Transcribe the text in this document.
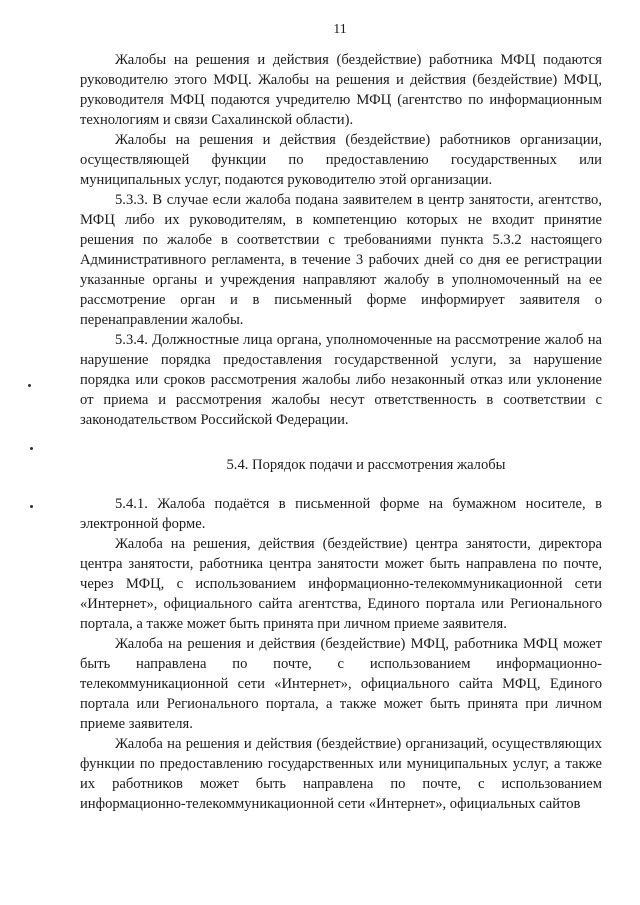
11

Жалобы на решения и действия (бездействие) работника МФЦ подаются руководителю этого МФЦ. Жалобы на решения и действия (бездействие) МФЦ, руководителя МФЦ подаются учредителю МФЦ (агентство по информационным технологиям и связи Сахалинской области).

Жалобы на решения и действия (бездействие) работников организации, осуществляющей функции по предоставлению государственных или муниципальных услуг, подаются руководителю этой организации.

5.3.3. В случае если жалоба подана заявителем в центр занятости, агентство, МФЦ либо их руководителям, в компетенцию которых не входит принятие решения по жалобе в соответствии с требованиями пункта 5.3.2 настоящего Административного регламента, в течение 3 рабочих дней со дня ее регистрации указанные органы и учреждения направляют жалобу в уполномоченный на ее рассмотрение орган и в письменный форме информирует заявителя о перенаправлении жалобы.

5.3.4. Должностные лица органа, уполномоченные на рассмотрение жалоб на нарушение порядка предоставления государственной услуги, за нарушение порядка или сроков рассмотрения жалобы либо незаконный отказ или уклонение от приема и рассмотрения жалобы несут ответственность в соответствии с законодательством Российской Федерации.

5.4. Порядок подачи и рассмотрения жалобы

5.4.1. Жалоба подаётся в письменной форме на бумажном носителе, в электронной форме.

Жалоба на решения, действия (бездействие) центра занятости, директора центра занятости, работника центра занятости может быть направлена по почте, через МФЦ, с использованием информационно-телекоммуникационной сети «Интернет», официального сайта агентства, Единого портала или Регионального портала, а также может быть принята при личном приеме заявителя.

Жалоба на решения и действия (бездействие) МФЦ, работника МФЦ может быть направлена по почте, с использованием информационно-телекоммуникационной сети «Интернет», официального сайта МФЦ, Единого портала или Регионального портала, а также может быть принята при личном приеме заявителя.

Жалоба на решения и действия (бездействие) организаций, осуществляющих функции по предоставлению государственных или муниципальных услуг, а также их работников может быть направлена по почте, с использованием информационно-телекоммуникационной сети «Интернет», официальных сайтов
